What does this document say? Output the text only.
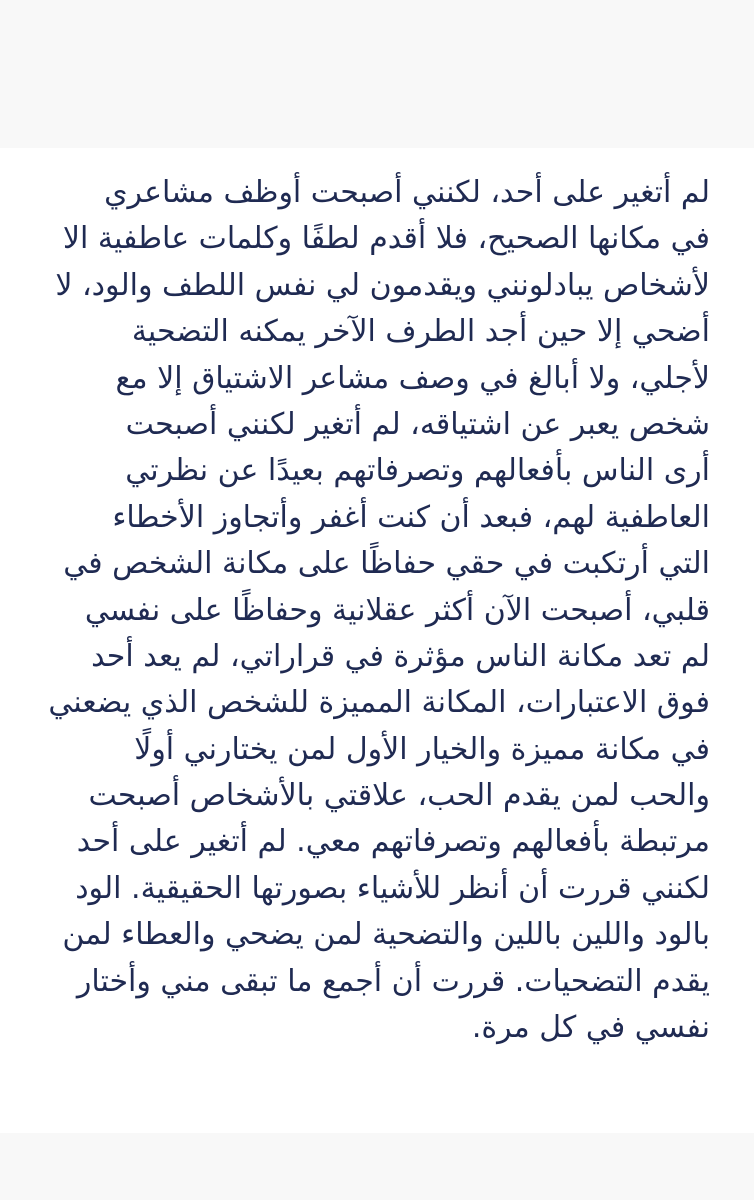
لم أتغير على أحد، لكنني أصبحت أوظف مشاعري
في مكانها الصحيح، فلا أقدم لطفًا وكلمات عاطفية الا
لأشخاص يبادلونني ويقدمون لي نفس اللطف والود، لا
أضحي إلا حين أجد الطرف الآخر يمكنه التضحية
لأجلي، ولا أبالغ في وصف مشاعر الاشتياق إلا مع
شخص يعبر عن اشتياقه، لم أتغير لكنني أصبحت
أرى الناس بأفعالهم وتصرفاتهم بعيدًا عن نظرتي
العاطفية لهم، فبعد أن كنت أغفر وأتجاوز الأخطاء
التي أرتكبت في حقي حفاظًا على مكانة الشخص في
قلبي، أصبحت الآن أكثر عقلانية وحفاظًا على نفسي
لم تعد مكانة الناس مؤثرة في قراراتي، لم يعد أحد
فوق الاعتبارات، المكانة المميزة للشخص الذي يضعني
في مكانة مميزة والخيار الأول لمن يختارني أولًا
والحب لمن يقدم الحب، علاقتي بالأشخاص أصبحت
مرتبطة بأفعالهم وتصرفاتهم معي. لم أتغير على أحد
لكنني قررت أن أنظر للأشياء بصورتها الحقيقية. الود
بالود واللين باللين والتضحية لمن يضحي والعطاء لمن
يقدم التضحيات. قررت أن أجمع ما تبقى مني وأختار
نفسي في كل مرة.
